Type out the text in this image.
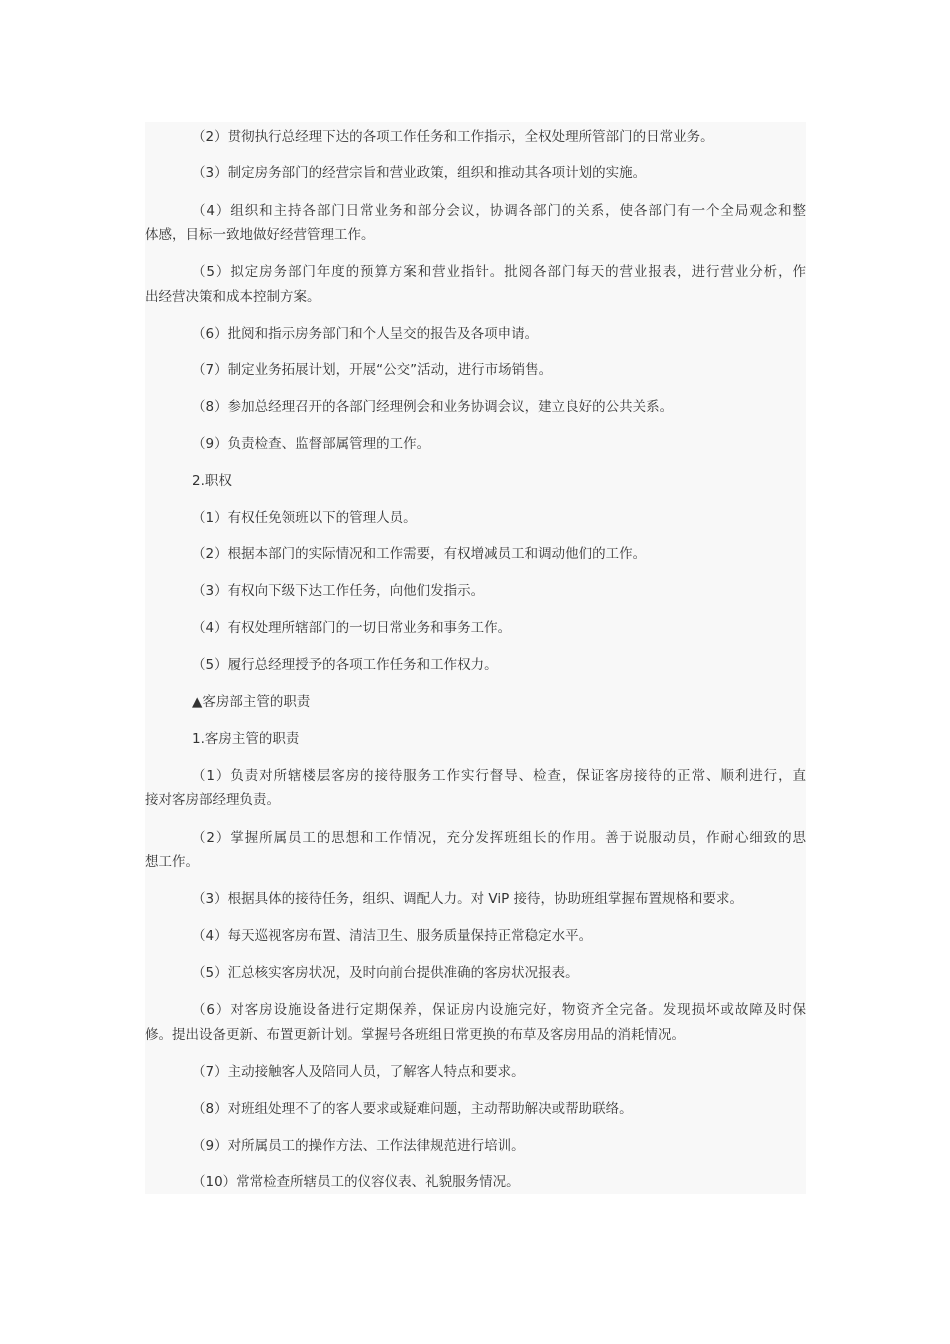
（2）贯彻执行总经理下达的各项工作任务和工作指示，全权处理所管部门的日常业务。
（3）制定房务部门的经营宗旨和营业政策，组织和推动其各项计划的实施。
（4）组织和主持各部门日常业务和部分会议，协调各部门的关系，使各部门有一个全局观念和整
体感，目标一致地做好经营管理工作。
（5）拟定房务部门年度的预算方案和营业指针。批阅各部门每天的营业报表，进行营业分析，作
出经营决策和成本控制方案。
（6）批阅和指示房务部门和个人呈交的报告及各项申请。
（7）制定业务拓展计划，开展“公交”活动，进行市场销售。
（8）参加总经理召开的各部门经理例会和业务协调会议，建立良好的公共关系。
（9）负责检查、监督部属管理的工作。
2.职权
（1）有权任免领班以下的管理人员。
（2）根据本部门的实际情况和工作需要，有权增减员工和调动他们的工作。
（3）有权向下级下达工作任务，向他们发指示。
（4）有权处理所辖部门的一切日常业务和事务工作。
（5）履行总经理授予的各项工作任务和工作权力。
▲客房部主管的职责
1.客房主管的职责
（1）负责对所辖楼层客房的接待服务工作实行督导、检查，保证客房接待的正常、顺利进行，直
接对客房部经理负责。
（2）掌握所属员工的思想和工作情况，充分发挥班组长的作用。善于说服动员，作耐心细致的思
想工作。
（3）根据具体的接待任务，组织、调配人力。对 ViP 接待，协助班组掌握布置规格和要求。
（4）每天巡视客房布置、清洁卫生、服务质量保持正常稳定水平。
（5）汇总核实客房状况，及时向前台提供准确的客房状况报表。
（6）对客房设施设备进行定期保养，保证房内设施完好，物资齐全完备。发现损坏或故障及时保
修。提出设备更新、布置更新计划。掌握号各班组日常更换的布草及客房用品的消耗情况。
（7）主动接触客人及陪同人员，了解客人特点和要求。
（8）对班组处理不了的客人要求或疑难问题，主动帮助解决或帮助联络。
（9）对所属员工的操作方法、工作法律规范进行培训。
（10）常常检查所辖员工的仪容仪表、礼貌服务情况。
